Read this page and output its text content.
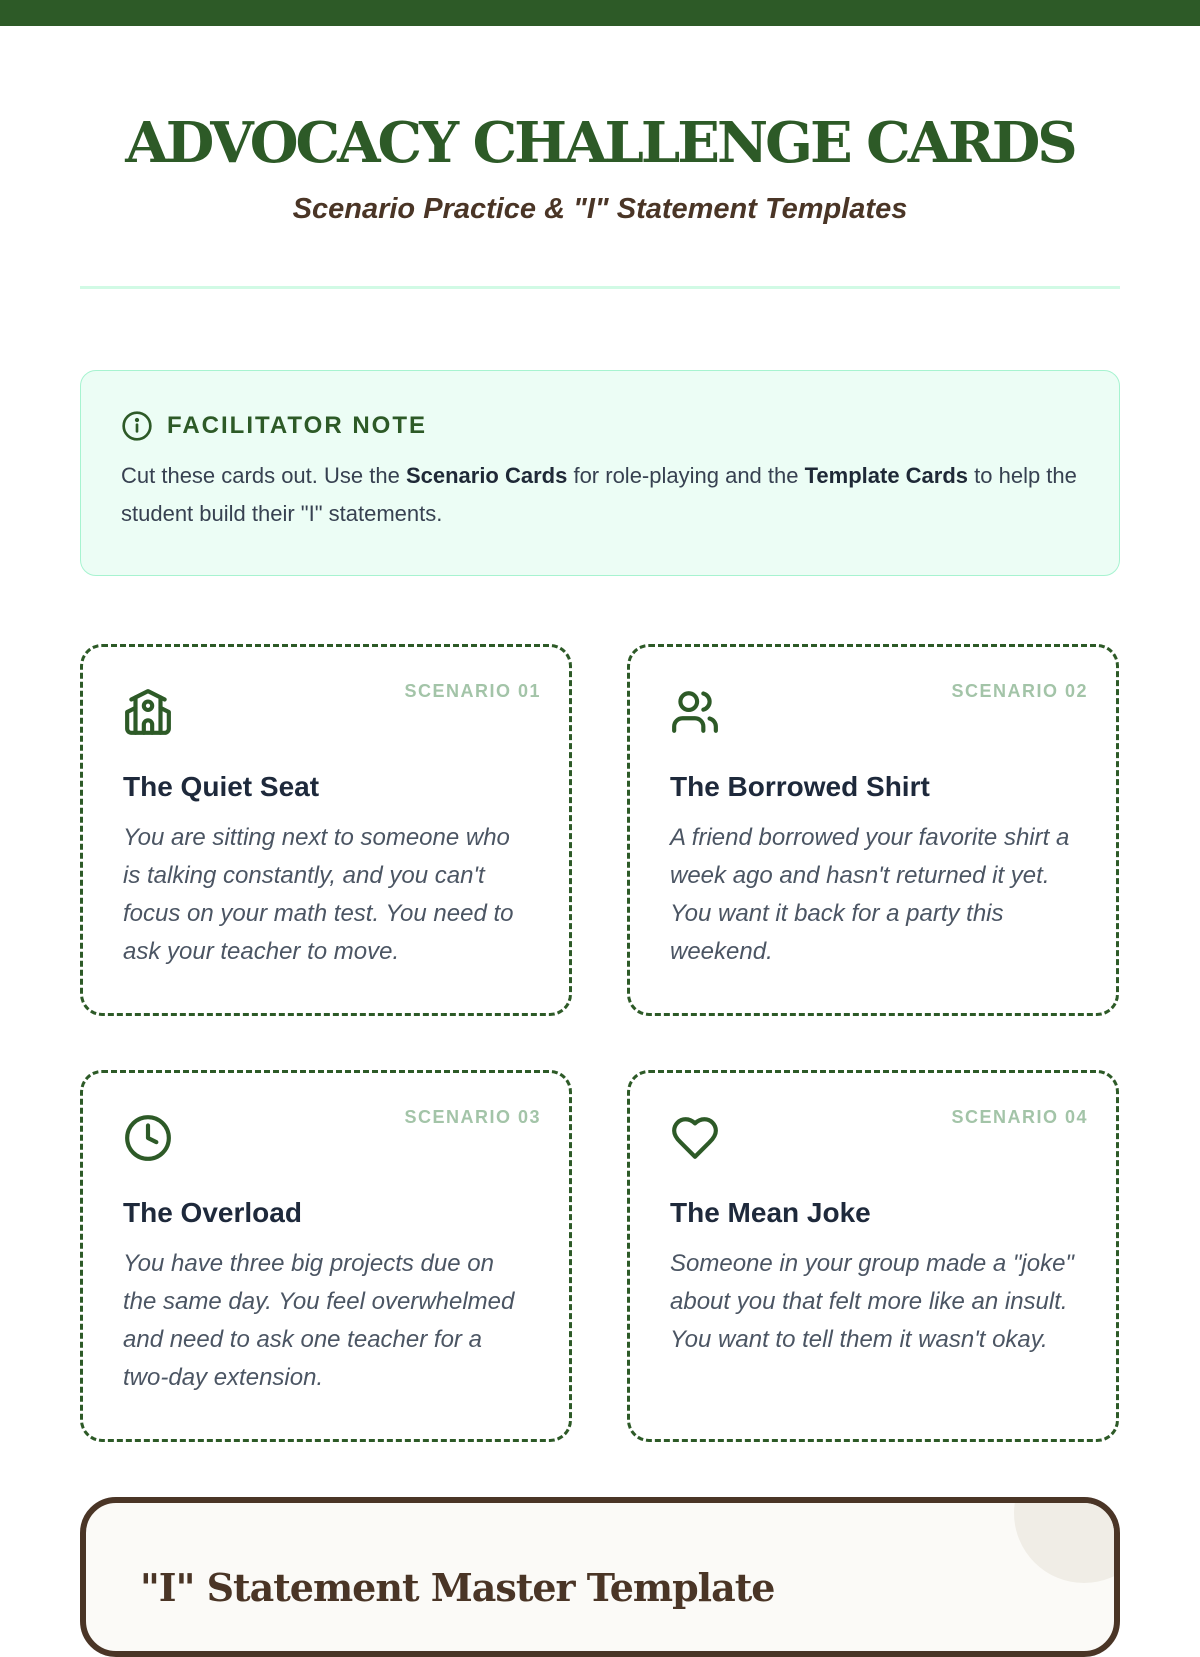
ADVOCACY CHALLENGE CARDS

Scenario Practice & "I" Statement Templates

FACILITATOR NOTE
Cut these cards out. Use the Scenario Cards for role-playing and the Template Cards to help the student build their "I" statements.
SCENARIO 01
The Quiet Seat
You are sitting next to someone who is talking constantly, and you can't focus on your math test. You need to ask your teacher to move.
SCENARIO 02
The Borrowed Shirt
A friend borrowed your favorite shirt a week ago and hasn't returned it yet. You want it back for a party this weekend.
SCENARIO 03
The Overload
You have three big projects due on the same day. You feel overwhelmed and need to ask one teacher for a two-day extension.
SCENARIO 04
The Mean Joke
Someone in your group made a "joke" about you that felt more like an insult. You want to tell them it wasn't okay.
"I" Statement Master Template
